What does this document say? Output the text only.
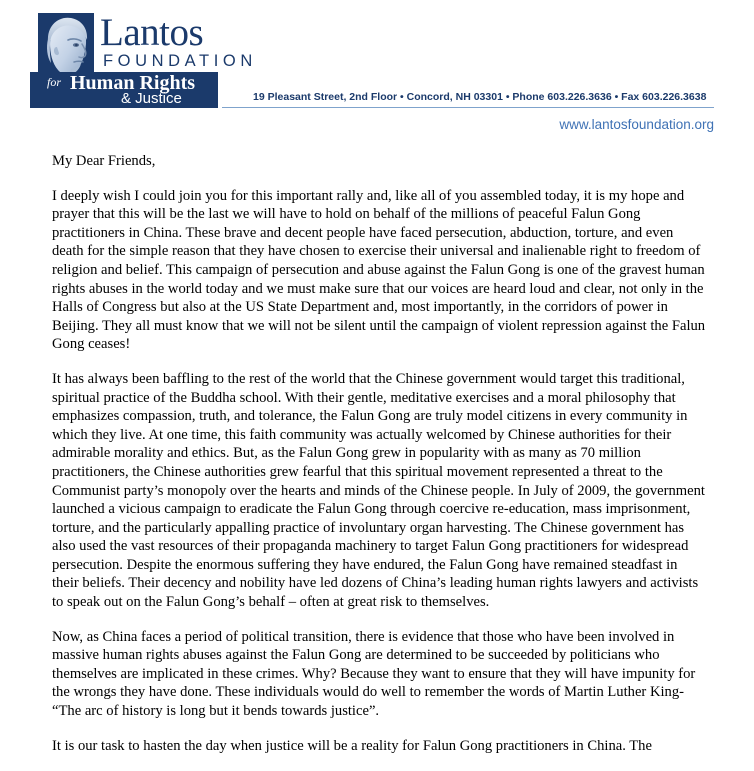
Lantos
FOUNDATION
for Human Rights
& Justice	19 Pleasant Street, 2nd Floor • Concord, NH 03301 • Phone 603.226.3636 • Fax 603.226.3638
www.lantosfoundation.org

My Dear Friends,

I deeply wish I could join you for this important rally and, like all of you assembled today, it is my hope and prayer that this will be the last we will have to hold on behalf of the millions of peaceful Falun Gong practitioners in China. These brave and decent people have faced persecution, abduction, torture, and even death for the simple reason that they have chosen to exercise their universal and inalienable right to freedom of religion and belief. This campaign of persecution and abuse against the Falun Gong is one of the gravest human rights abuses in the world today and we must make sure that our voices are heard loud and clear, not only in the Halls of Congress but also at the US State Department and, most importantly, in the corridors of power in Beijing. They all must know that we will not be silent until the campaign of violent repression against the Falun Gong ceases!

It has always been baffling to the rest of the world that the Chinese government would target this traditional, spiritual practice of the Buddha school. With their gentle, meditative exercises and a moral philosophy that emphasizes compassion, truth, and tolerance, the Falun Gong are truly model citizens in every community in which they live. At one time, this faith community was actually welcomed by Chinese authorities for their admirable morality and ethics. But, as the Falun Gong grew in popularity with as many as 70 million practitioners, the Chinese authorities grew fearful that this spiritual movement represented a threat to the Communist party’s monopoly over the hearts and minds of the Chinese people. In July of 2009, the government launched a vicious campaign to eradicate the Falun Gong through coercive re-education, mass imprisonment, torture, and the particularly appalling practice of involuntary organ harvesting. The Chinese government has also used the vast resources of their propaganda machinery to target Falun Gong practitioners for widespread persecution. Despite the enormous suffering they have endured, the Falun Gong have remained steadfast in their beliefs. Their decency and nobility have led dozens of China’s leading human rights lawyers and activists to speak out on the Falun Gong’s behalf – often at great risk to themselves.

Now, as China faces a period of political transition, there is evidence that those who have been involved in massive human rights abuses against the Falun Gong are determined to be succeeded by politicians who themselves are implicated in these crimes. Why? Because they want to ensure that they will have impunity for the wrongs they have done. These individuals would do well to remember the words of Martin Luther King- “The arc of history is long but it bends towards justice”.

It is our task to hasten the day when justice will be a reality for Falun Gong practitioners in China. The
